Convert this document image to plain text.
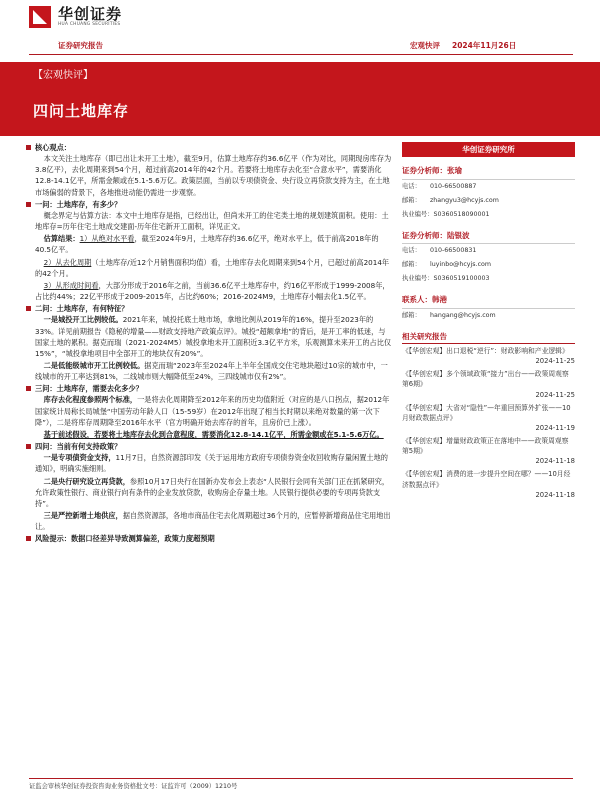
华创证券
HUA CHUANG SECURITIES
证券研究报告	宏观快评 2024年11月26日
【宏观快评】
四问土地库存

核心观点：

本文关注土地库存（即已出让未开工土地），截至9月，估算土地库存约36.6亿平（作为对比，同期现房库存为3.8亿平），去化周期来到54个月，超过前高2014年的42个月。若要将土地库存去化至“合意水平”，需要消化12.8-14.1亿平，所需金额或在5.1-5.6万亿。政策层面，当前以专项债资金、央行设立再贷款支持为主，在土地市场偏弱的背景下，各地推进动能仍需进一步观察。

一问：土地库存，有多少？

概念界定与估算方法：本文中土地库存是指，已经出让，但尚未开工的住宅类土地的规划建筑面积。使用：土地库存=历年住宅土地成交建面-历年住宅新开工面积，详见正文。

估算结果：1）从绝对水平看，截至2024年9月，土地库存约36.6亿平，绝对水平上，低于前高2018年的40.5亿平。

2）从去化周期（土地库存/近12个月销售面积均值）看，土地库存去化周期来到54个月，已超过前高2014年的42个月。

3）从形成时间看，大部分形成于2016年之前，当前36.6亿平土地库存中，约16亿平形成于1999-2008年，占比约44%；22亿平形成于2009-2015年，占比约60%；2016-2024M9，土地库存小幅去化1.5亿平。

二问：土地库存，有何特征？

一是城投开工比例较低。2021年来，城投托底土地市场，拿地比例从2019年的16%，提升至2023年的33%。详见前期报告《隐秘的增量——财政支持地产政策点评》。城投“超额拿地”的背后，是开工率的低迷，与国家土地的累积。据克而瑞（2021-2024M5）城投拿地未开工面积近3.3亿平方米，乐观测算未来开工的占比仅15%”，“城投拿地项目中全部开工的地块仅有20%”。

二是低能级城市开工比例较低。据克而瑞“2023年至2024年上半年全国成交住宅地块超过10宗的城市中，一线城市的开工率达到81%，二线城市则大幅降低至24%，三四线城市仅有2%”。

三问：土地库存，需要去化多少？

库存去化程度参照两个标准，一是将去化周期降至2012年来的历史均值附近（对应的是八口拐点，据2012年国家统计局称长局城堡“中国劳动年龄人口（15-59岁）在2012年出现了相当长时期以来绝对数量的第一次下降”），二是将库存周期降至2016年水平（官方明确开始去库存的首年，且房价已上涨）。

基于前述假设，若要将土地库存去化到合意程度，需要消化12.8-14.1亿平，所需金额或在5.1-5.6万亿。

四问：当前有何支持政策？

一是专项债资金支持，11月7日，自然资源部印发《关于运用地方政府专项债券资金收回收购存量闲置土地的通知》，明确实施细则。

二是央行研究设立再贷款，参照10月17日央行在国新办发布会上表态“人民银行会同有关部门正在抓紧研究，允许政策性银行、商业银行向有条件的企业发放贷款，收购房企存量土地。人民银行提供必要的专项再贷款支持”。

三是严控新增土地供应，据自然资源部，各地市商品住宅去化周期超过36个月的，应暂停新增商品住宅用地出让。

风险提示：数据口径差异导致测算偏差，政策力度超预期

华创证券研究所
证券分析师：张瑜
电话： 010-66500887
邮箱： zhangyu3@hcyjs.com
执业编号：S0360518090001
证券分析师：陆银波
电话： 010-66500831
邮箱： luyinbo@hcyjs.com
执业编号：S0360519100003
联系人：韩港
邮箱： hangang@hcyjs.com
相关研究报告
《【华创宏观】出口退税“逆行”：财政影响和产业逻辑》
2024-11-25
《【华创宏观】多个领域政策“接力”出台——政策周观察第6期》
2024-11-25
《【华创宏观】大省对“隐性”—年重回预算外扩张——10月财政数据点评》
2024-11-19
《【华创宏观】增量财政政策正在落地中——政策周观察第5期》
2024-11-18
《【华创宏观】消费的进一步提升空间在哪？——10月经济数据点评》
2024-11-18
证监会审核华创证券投资咨询业务资格批文号：证监许可（2009）1210号
